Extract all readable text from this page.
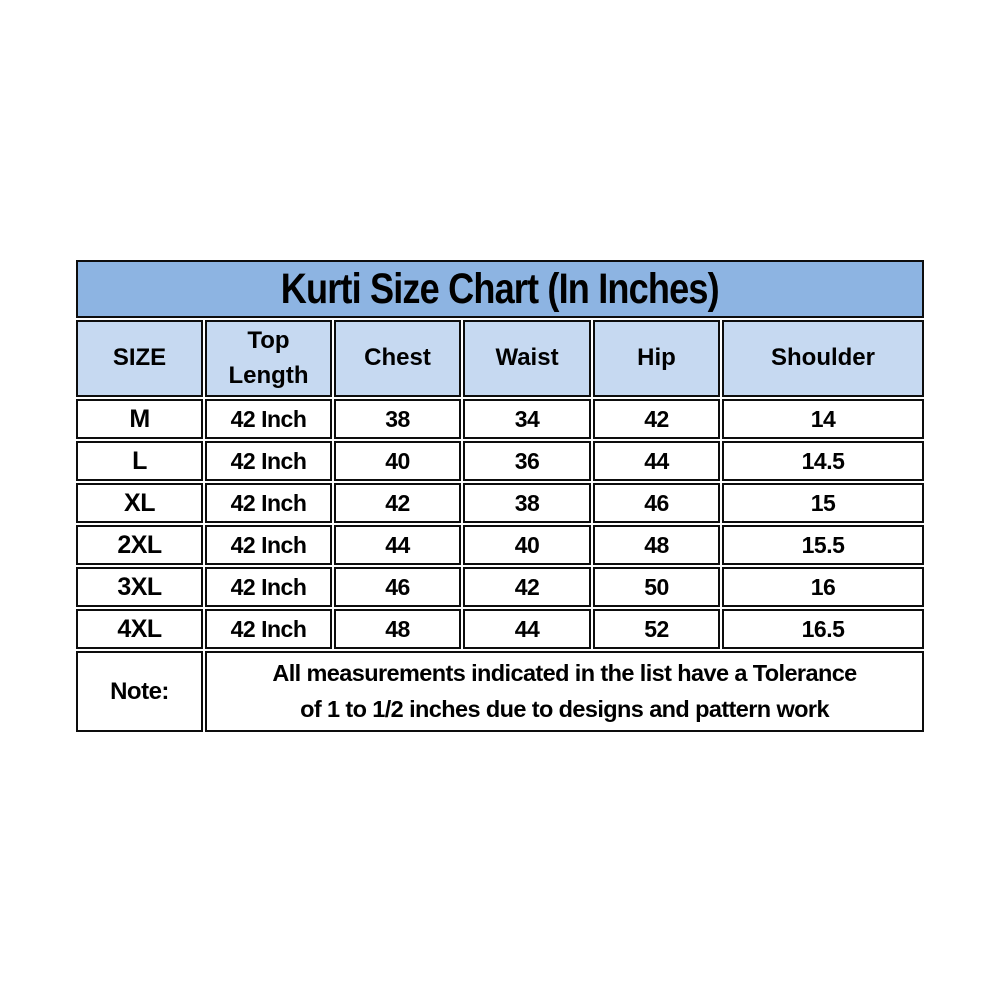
Kurti Size Chart (In Inches)					
SIZE	Top Length	Chest	Waist	Hip	Shoulder
M	42 Inch	38	34	42	14
L	42 Inch	40	36	44	14.5
XL	42 Inch	42	38	46	15
2XL	42 Inch	44	40	48	15.5
3XL	42 Inch	46	42	50	16
4XL	42 Inch	48	44	52	16.5
Note:	All measurements indicated in the list have a Tolerance
of 1 to 1/2 inches due to designs and pattern work				
